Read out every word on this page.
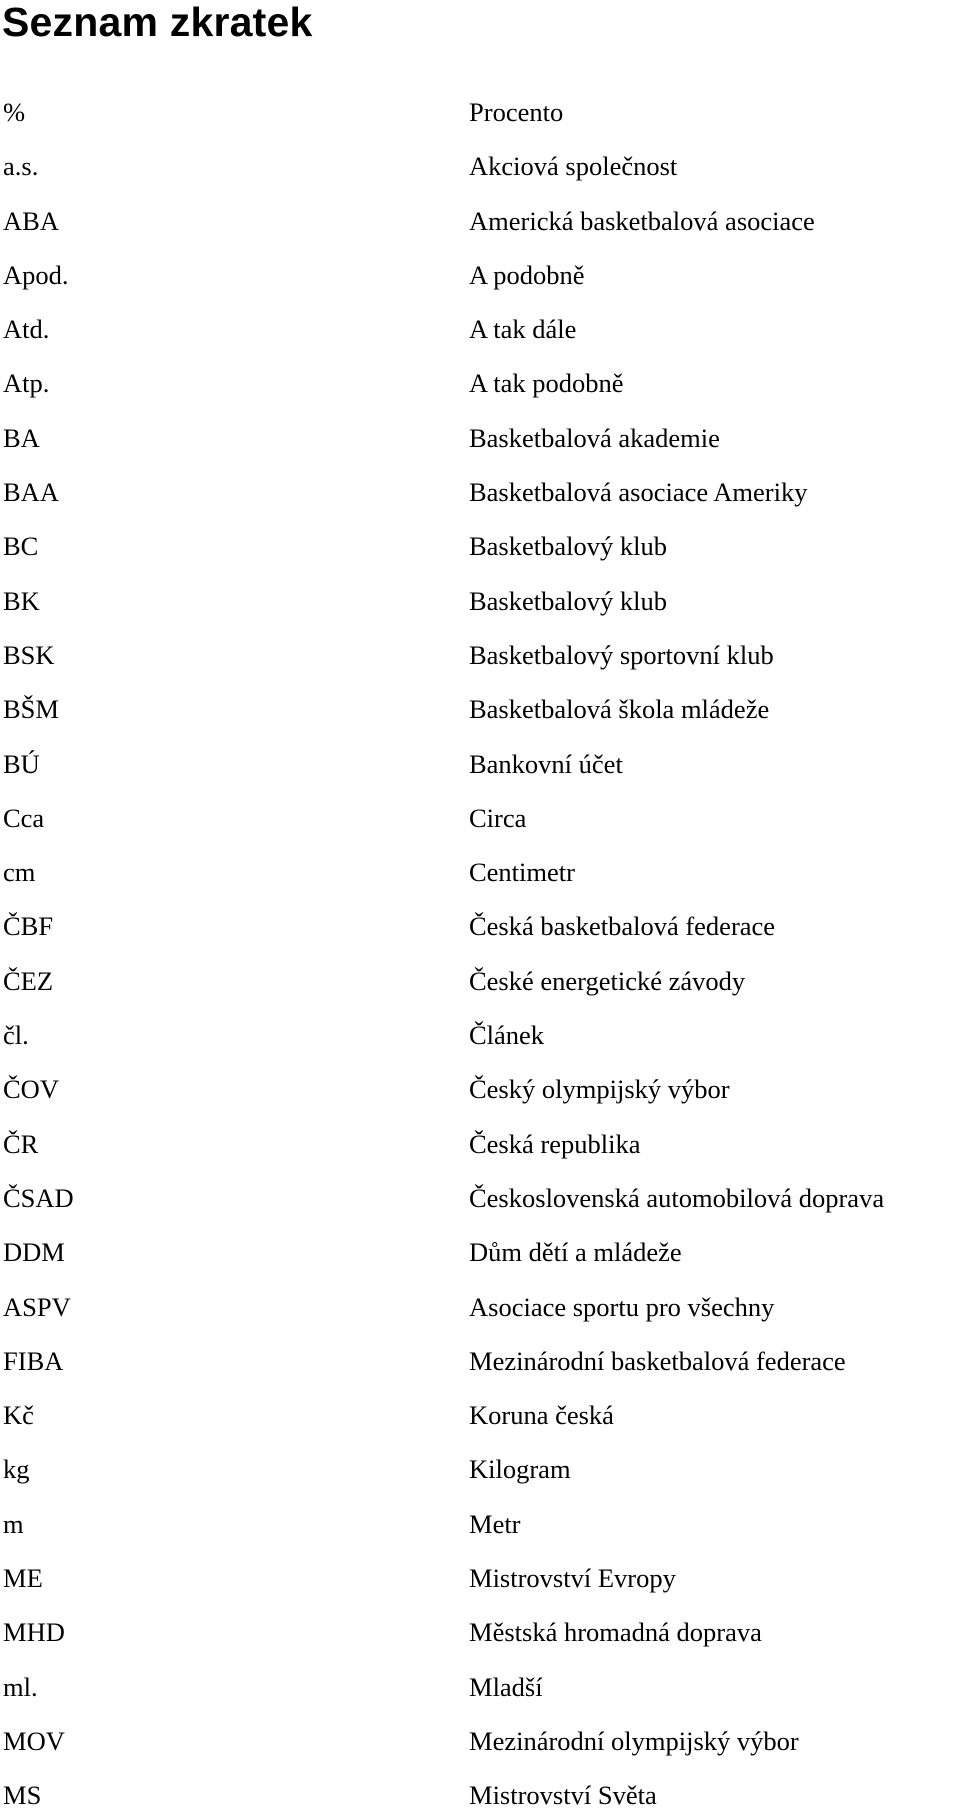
Seznam zkratek
%	Procento
a.s.	Akciová společnost
ABA	Americká basketbalová asociace
Apod.	A podobně
Atd.	A tak dále
Atp.	A tak podobně
BA	Basketbalová akademie
BAA	Basketbalová asociace Ameriky
BC	Basketbalový klub
BK	Basketbalový klub
BSK	Basketbalový sportovní klub
BŠM	Basketbalová škola mládeže
BÚ	Bankovní účet
Cca	Circa
cm	Centimetr
ČBF	Česká basketbalová federace
ČEZ	České energetické závody
čl.	Článek
ČOV	Český olympijský výbor
ČR	Česká republika
ČSAD	Československá automobilová doprava
DDM	Dům dětí a mládeže
ASPV	Asociace sportu pro všechny
FIBA	Mezinárodní basketbalová federace
Kč	Koruna česká
kg	Kilogram
m	Metr
ME	Mistrovství Evropy
MHD	Městská hromadná doprava
ml.	Mladší
MOV	Mezinárodní olympijský výbor
MS	Mistrovství Světa
